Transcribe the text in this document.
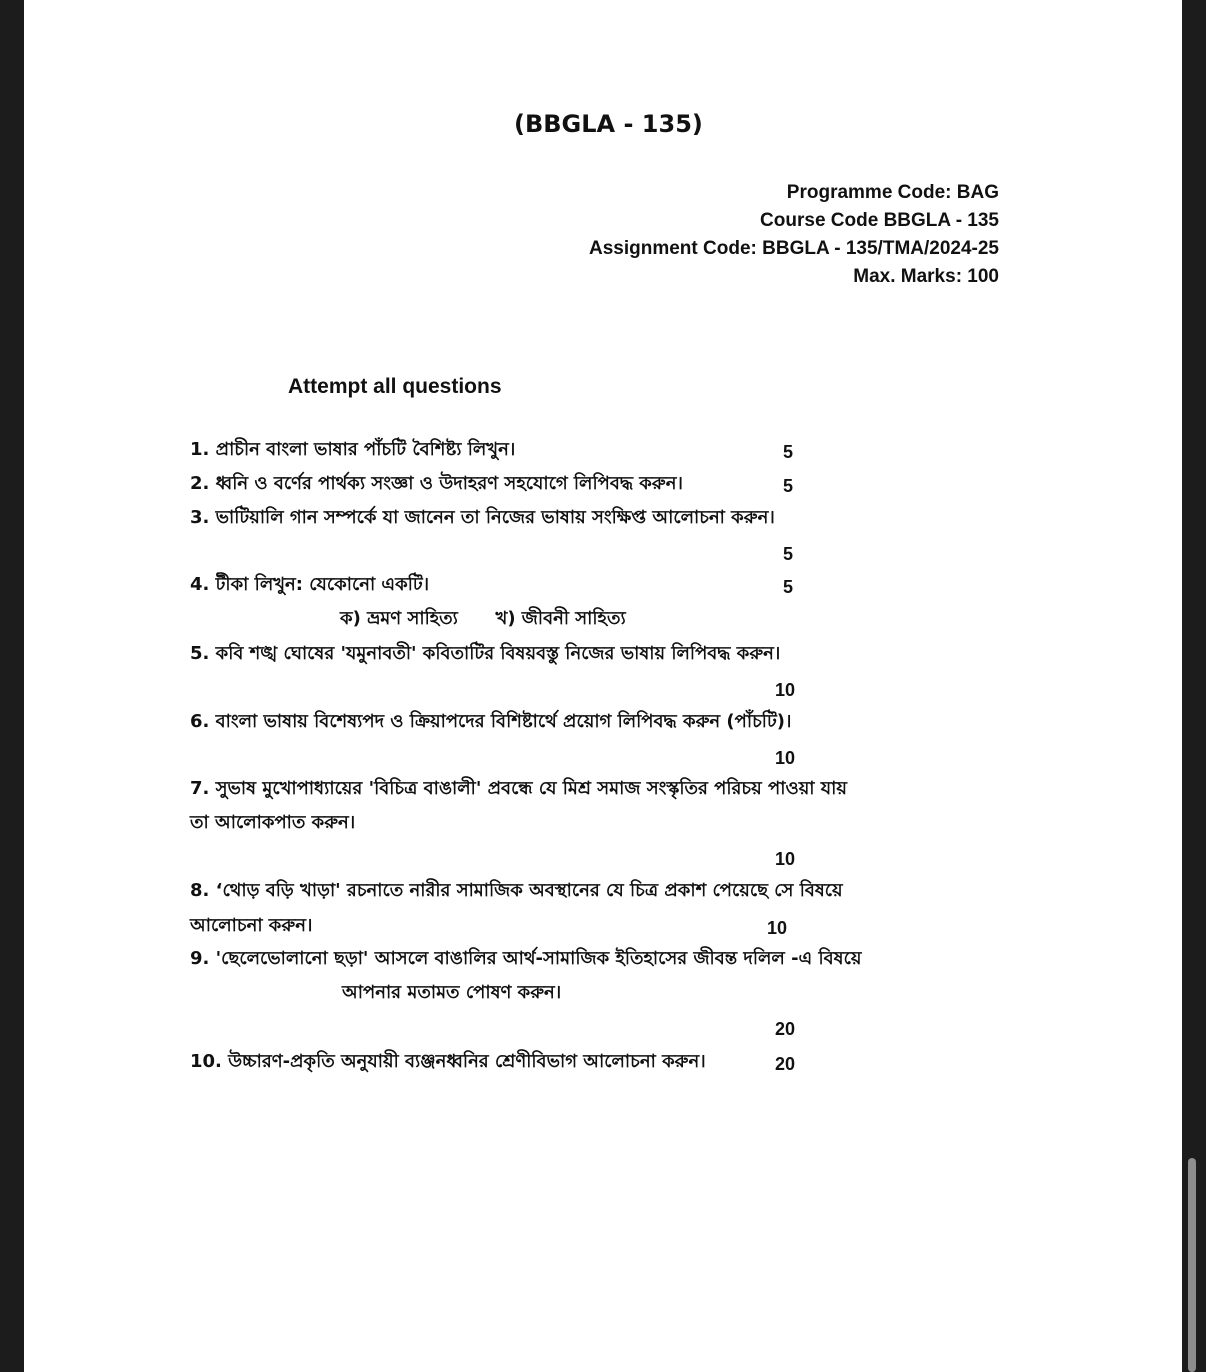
(BBGLA - 135)
Programme Code: BAG
Course Code BBGLA - 135
Assignment Code: BBGLA - 135/TMA/2024-25
Max. Marks: 100
Attempt all questions
1. প্রাচীন বাংলা ভাষার পাঁচটি বৈশিষ্ট্য লিখুন।	5
2. ধ্বনি ও বর্ণের পার্থক্য সংজ্ঞা ও উদাহরণ সহযোগে লিপিবদ্ধ করুন।	5
3. ভাটিয়ালি গান সম্পর্কে যা জানেন তা নিজের ভাষায় সংক্ষিপ্ত আলোচনা করুন।
5
4. টীকা লিখুন: যেকোনো একটি।	5
ক) ভ্রমণ সাহিত্য      খ) জীবনী সাহিত্য
5. কবি শঙ্খ ঘোষের 'যমুনাবতী' কবিতাটির বিষয়বস্তু নিজের ভাষায় লিপিবদ্ধ করুন।
10
6. বাংলা ভাষায় বিশেষ্যপদ ও ক্রিয়াপদের বিশিষ্টার্থে প্রয়োগ লিপিবদ্ধ করুন (পাঁচটি)।
10
7. সুভাষ মুখোপাধ্যায়ের 'বিচিত্র বাঙালী' প্রবন্ধে যে মিশ্র সমাজ সংস্কৃতির পরিচয় পাওয়া যায়
তা আলোকপাত করুন।
10
8. ‘থোড় বড়ি খাড়া' রচনাতে নারীর সামাজিক অবস্থানের যে চিত্র প্রকাশ পেয়েছে সে বিষয়ে
আলোচনা করুন।	10
9. 'ছেলেভোলানো ছড়া' আসলে বাঙালির আর্থ-সামাজিক ইতিহাসের জীবন্ত দলিল -এ বিষয়ে
আপনার মতামত পোষণ করুন।
20
10. উচ্চারণ-প্রকৃতি অনুযায়ী ব্যঞ্জনধ্বনির শ্রেণীবিভাগ আলোচনা করুন।	20
